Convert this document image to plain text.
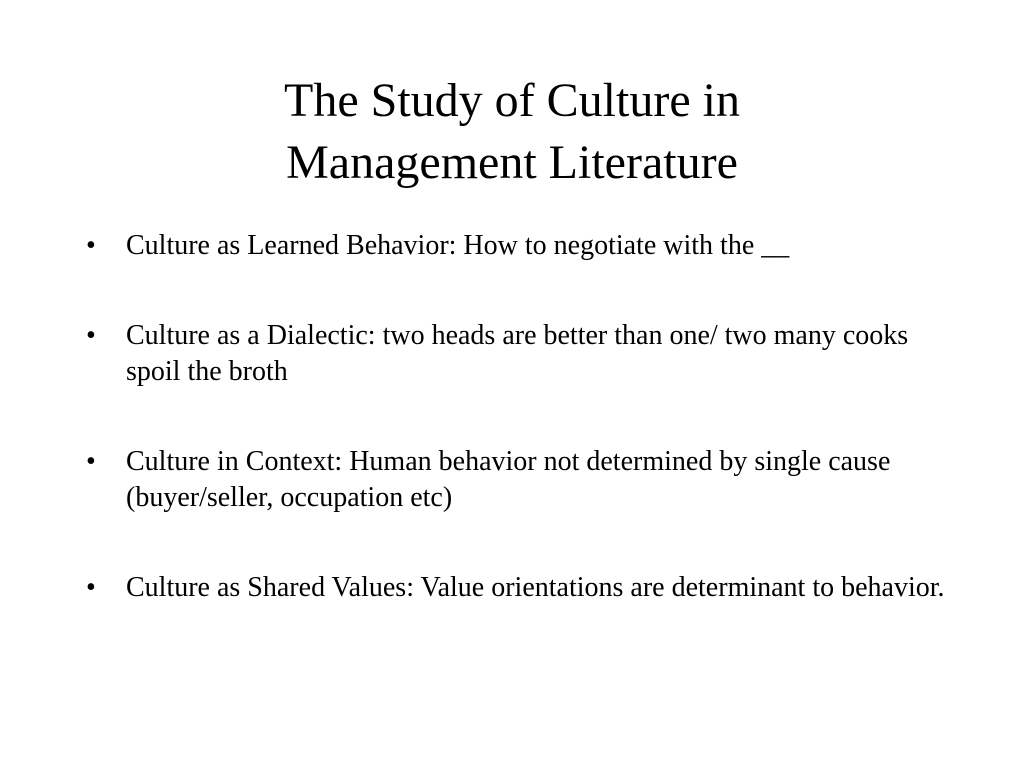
The Study of Culture in
Management Literature
• Culture as Learned Behavior: How to negotiate with the __
• Culture as a Dialectic: two heads are better than one/ two many cooks spoil the broth
• Culture in Context: Human behavior not determined by single cause (buyer/seller, occupation etc)
• Culture as Shared Values: Value orientations are determinant to behavior.
